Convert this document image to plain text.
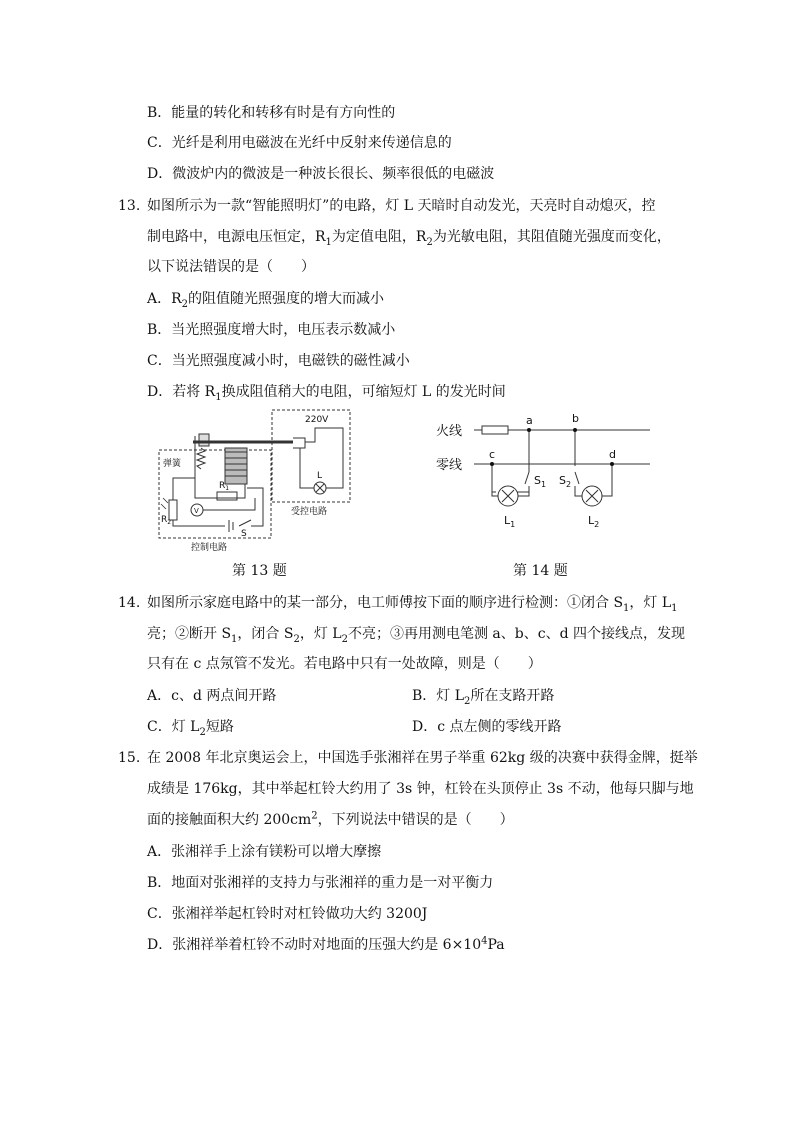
B．能量的转化和转移有时是有方向性的
C．光纤是利用电磁波在光纤中反射来传递信息的
D．微波炉内的微波是一种波长很长、频率很低的电磁波
13. 如图所示为一款“智能照明灯”的电路，灯 L 天暗时自动发光，天亮时自动熄灭，控
制电路中，电源电压恒定，$R_1$为定值电阻，$R_2$为光敏电阻，其阻值随光强度而变化，
以下说法错误的是（　　）
A．$R_2$的阻值随光照强度的增大而减小
B．当光照强度增大时，电压表示数减小
C．当光照强度减小时，电磁铁的磁性减小
D．若将 $R_1$换成阻值稍大的电阻，可缩短灯 L 的发光时间
220V
弹簧
L
$R_1$
$R_2$
V
S
受控电路
控制电路
第 13 题
火线
零线
a	b
c	d
$S_1$ $S_2$
$L_1$	$L_2$
第 14 题
14. 如图所示家庭电路中的某一部分，电工师傅按下面的顺序进行检测：①闭合 $S_1$，灯 $L_1$
亮；②断开 $S_1$，闭合 $S_2$，灯 $L_2$不亮；③再用测电笔测 a、b、c、d 四个接线点，发现
只有在 c 点氖管不发光。若电路中只有一处故障，则是（　　）
A．c、d 两点间开路	B．灯 $L_2$所在支路开路
C．灯 $L_2$短路	D．c 点左侧的零线开路
15. 在 2008 年北京奥运会上，中国选手张湘祥在男子举重 62kg 级的决赛中获得金牌，挺举
成绩是 176kg，其中举起杠铃大约用了 3s 钟，杠铃在头顶停止 3s 不动，他每只脚与地
面的接触面积大约 $200cm^2$，下列说法中错误的是（　　）
A．张湘祥手上涂有镁粉可以增大摩擦
B．地面对张湘祥的支持力与张湘祥的重力是一对平衡力
C．张湘祥举起杠铃时对杠铃做功大约 3200J
D．张湘祥举着杠铃不动时对地面的压强大约是 $6\times 10^4Pa$
